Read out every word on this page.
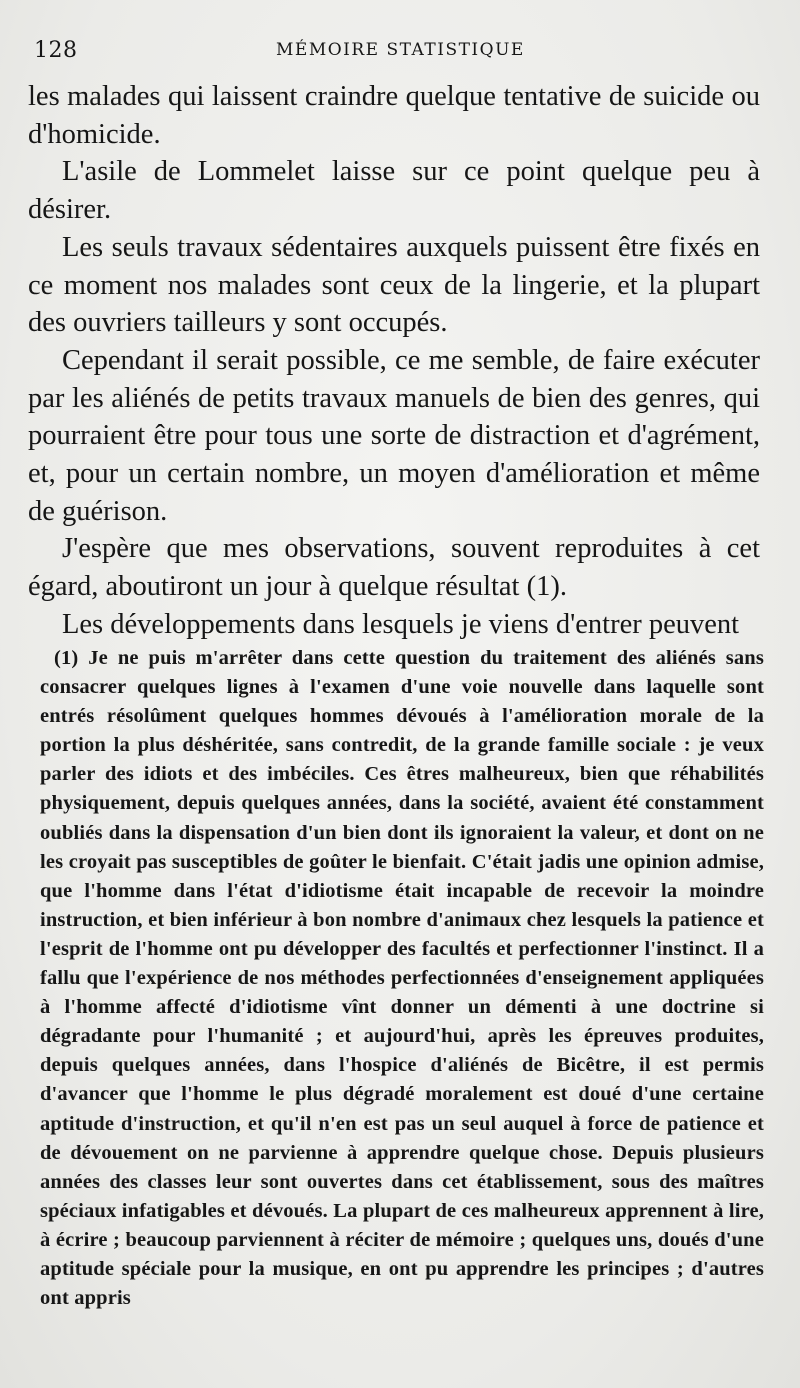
128	MÉMOIRE STATISTIQUE

les malades qui laissent craindre quelque tentative de suicide ou d'homicide.

L'asile de Lommelet laisse sur ce point quelque peu à désirer.

Les seuls travaux sédentaires auxquels puissent être fixés en ce moment nos malades sont ceux de la lingerie, et la plupart des ouvriers tailleurs y sont occupés.

Cependant il serait possible, ce me semble, de faire exécuter par les aliénés de petits travaux manuels de bien des genres, qui pourraient être pour tous une sorte de distraction et d'agrément, et, pour un certain nombre, un moyen d'amélioration et même de guérison.

J'espère que mes observations, souvent reproduites à cet égard, aboutiront un jour à quelque résultat (1).

Les développements dans lesquels je viens d'entrer peuvent

(1) Je ne puis m'arrêter dans cette question du traitement des aliénés sans consacrer quelques lignes à l'examen d'une voie nouvelle dans laquelle sont entrés résolûment quelques hommes dévoués à l'amélioration morale de la portion la plus déshéritée, sans contredit, de la grande famille sociale : je veux parler des idiots et des imbéciles. Ces êtres malheureux, bien que réhabilités physiquement, depuis quelques années, dans la société, avaient été constamment oubliés dans la dispensation d'un bien dont ils ignoraient la valeur, et dont on ne les croyait pas susceptibles de goûter le bienfait. C'était jadis une opinion admise, que l'homme dans l'état d'idiotisme était incapable de recevoir la moindre instruction, et bien inférieur à bon nombre d'animaux chez lesquels la patience et l'esprit de l'homme ont pu développer des facultés et perfectionner l'instinct. Il a fallu que l'expérience de nos méthodes perfectionnées d'enseignement appliquées à l'homme affecté d'idiotisme vînt donner un démenti à une doctrine si dégradante pour l'humanité ; et aujourd'hui, après les épreuves produites, depuis quelques années, dans l'hospice d'aliénés de Bicêtre, il est permis d'avancer que l'homme le plus dégradé moralement est doué d'une certaine aptitude d'instruction, et qu'il n'en est pas un seul auquel à force de patience et de dévouement on ne parvienne à apprendre quelque chose. Depuis plusieurs années des classes leur sont ouvertes dans cet établissement, sous des maîtres spéciaux infatigables et dévoués. La plupart de ces malheureux apprennent à lire, à écrire ; beaucoup parviennent à réciter de mémoire ; quelques uns, doués d'une aptitude spéciale pour la musique, en ont pu apprendre les principes ; d'autres ont appris
